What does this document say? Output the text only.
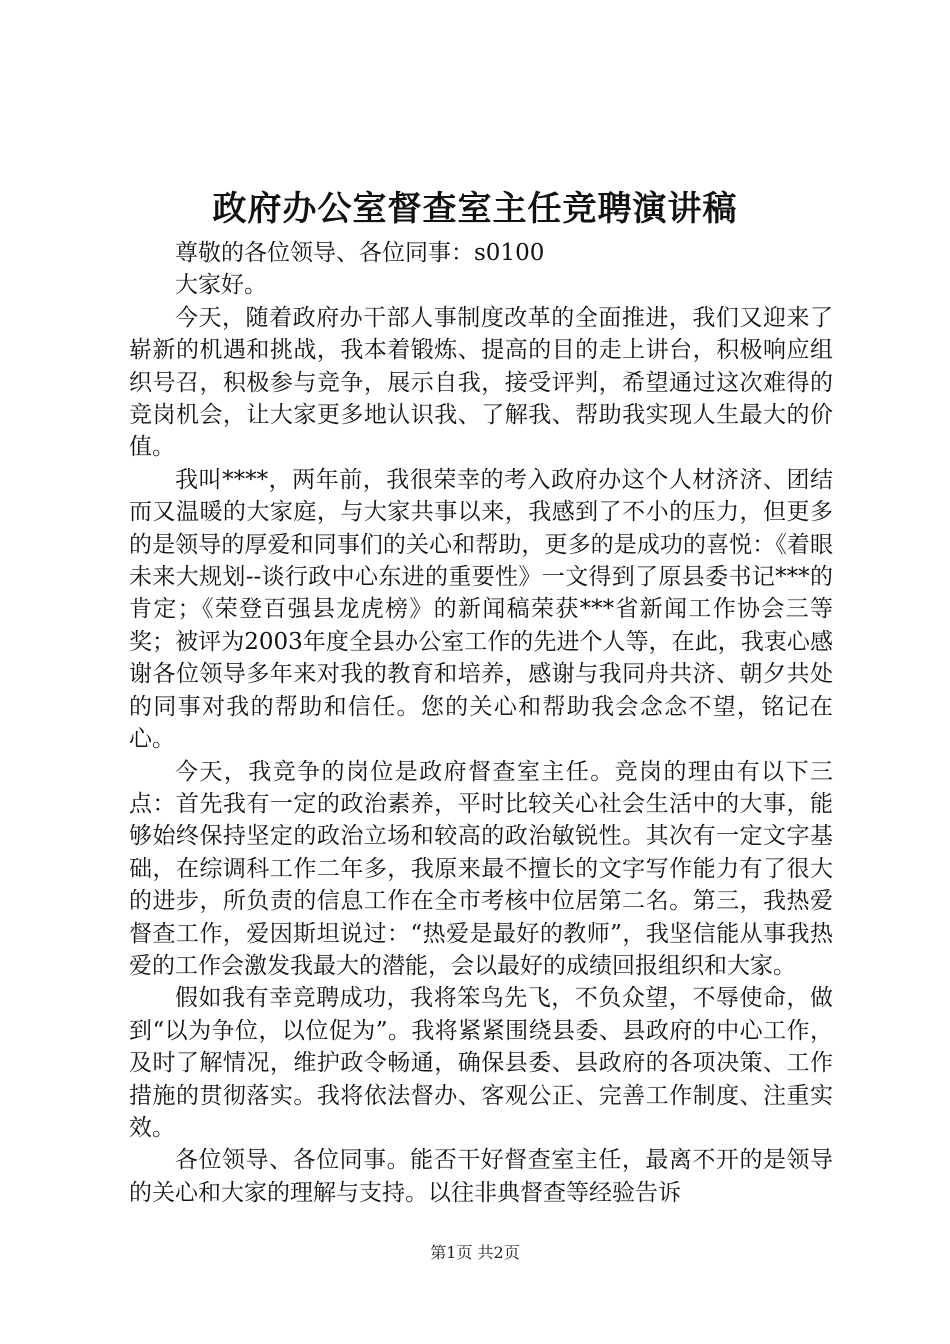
政府办公室督查室主任竞聘演讲稿

尊敬的各位领导、各位同事：s0100

大家好。

今天，随着政府办干部人事制度改革的全面推进，我们又迎来了崭新的机遇和挑战，我本着锻炼、提高的目的走上讲台，积极响应组织号召，积极参与竞争，展示自我，接受评判，希望通过这次难得的竞岗机会，让大家更多地认识我、了解我、帮助我实现人生最大的价值。

我叫****，两年前，我很荣幸的考入政府办这个人材济济、团结而又温暖的大家庭，与大家共事以来，我感到了不小的压力，但更多的是领导的厚爱和同事们的关心和帮助，更多的是成功的喜悦：《着眼未来大规划--谈行政中心东进的重要性》一文得到了原县委书记***的肯定；《荣登百强县龙虎榜》的新闻稿荣获***省新闻工作协会三等奖；被评为2003年度全县办公室工作的先进个人等，在此，我衷心感谢各位领导多年来对我的教育和培养，感谢与我同舟共济、朝夕共处的同事对我的帮助和信任。您的关心和帮助我会念念不望，铭记在心。

今天，我竞争的岗位是政府督查室主任。竞岗的理由有以下三点：首先我有一定的政治素养，平时比较关心社会生活中的大事，能够始终保持坚定的政治立场和较高的政治敏锐性。其次有一定文字基础，在综调科工作二年多，我原来最不擅长的文字写作能力有了很大的进步，所负责的信息工作在全市考核中位居第二名。第三，我热爱督查工作，爱因斯坦说过：“热爱是最好的教师”，我坚信能从事我热爱的工作会激发我最大的潜能，会以最好的成绩回报组织和大家。

假如我有幸竞聘成功，我将笨鸟先飞，不负众望，不辱使命，做到“以为争位，以位促为”。我将紧紧围绕县委、县政府的中心工作，及时了解情况，维护政令畅通，确保县委、县政府的各项决策、工作措施的贯彻落实。我将依法督办、客观公正、完善工作制度、注重实效。

各位领导、各位同事。能否干好督查室主任，最离不开的是领导的关心和大家的理解与支持。以往非典督查等经验告诉

第1页 共2页
